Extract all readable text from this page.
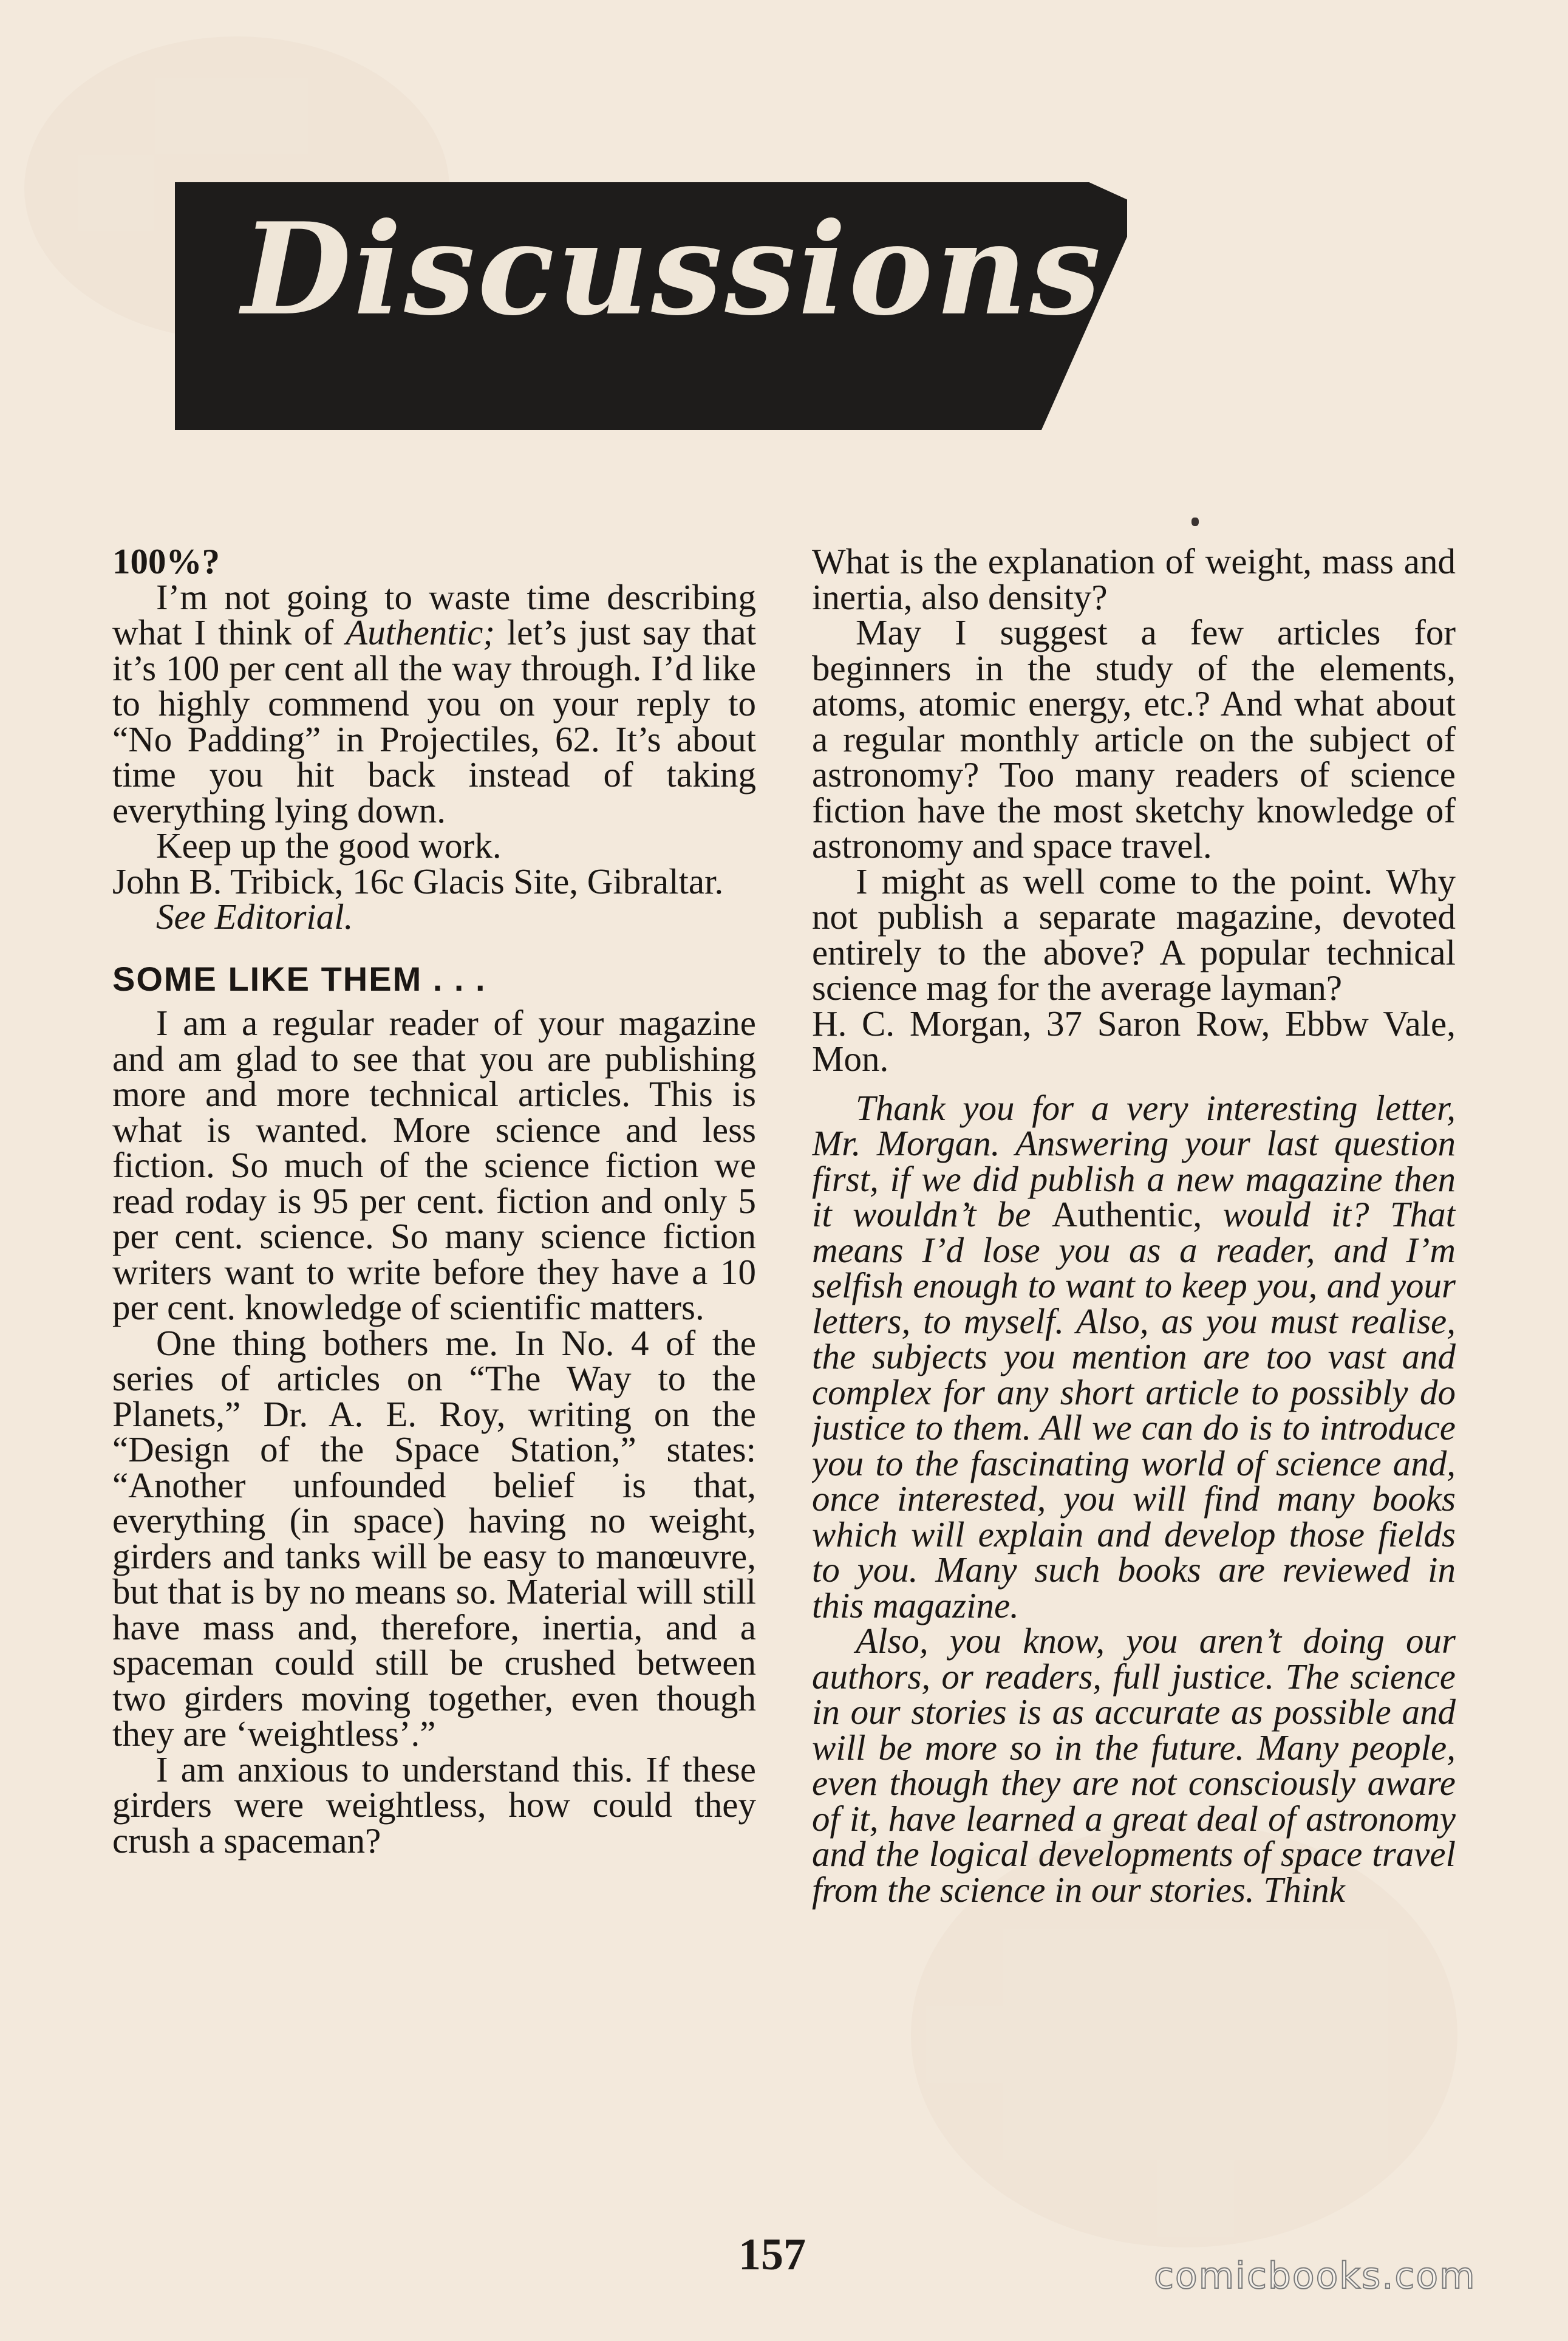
Discussions

100%?

I’m not going to waste time describing what I think of Authentic; let’s just say that it’s 100 per cent all the way through. I’d like to highly commend you on your reply to “No Padding” in Projectiles, 62. It’s about time you hit back instead of taking everything lying down.

Keep up the good work.

John B. Tribick, 16c Glacis Site, Gibraltar.

See Editorial.

SOME LIKE THEM . . .

I am a regular reader of your magazine and am glad to see that you are publishing more and more technical articles. This is what is wanted. More science and less fiction. So much of the science fiction we read roday is 95 per cent. fiction and only 5 per cent. science. So many science fiction writers want to write before they have a 10 per cent. knowledge of scientific matters.

One thing bothers me. In No. 4 of the series of articles on “The Way to the Planets,” Dr. A. E. Roy, writing on the “Design of the Space Station,” states: “Another unfounded belief is that, everything (in space) having no weight, girders and tanks will be easy to manœuvre, but that is by no means so. Material will still have mass and, therefore, inertia, and a spaceman could still be crushed between two girders moving together, even though they are ‘weightless’.”

I am anxious to understand this. If these girders were weightless, how could they crush a spaceman?

What is the explanation of weight, mass and inertia, also density?

May I suggest a few articles for beginners in the study of the elements, atoms, atomic energy, etc.? And what about a regular monthly article on the subject of astronomy? Too many readers of science fiction have the most sketchy knowledge of astronomy and space travel.

I might as well come to the point. Why not publish a separate magazine, devoted entirely to the above? A popular technical science mag for the average layman?

H. C. Morgan, 37 Saron Row, Ebbw Vale, Mon.

Thank you for a very interesting letter, Mr. Morgan. Answering your last question first, if we did publish a new magazine then it wouldn’t be Authentic, would it? That means I’d lose you as a reader, and I’m selfish enough to want to keep you, and your letters, to myself. Also, as you must realise, the subjects you mention are too vast and complex for any short article to possibly do justice to them. All we can do is to introduce you to the fascinating world of science and, once interested, you will find many books which will explain and develop those fields to you. Many such books are reviewed in this magazine.

Also, you know, you aren’t doing our authors, or readers, full justice. The science in our stories is as accurate as possible and will be more so in the future. Many people, even though they are not consciously aware of it, have learned a great deal of astronomy and the logical developments of space travel from the science in our stories. Think

157	comicbooks.com
